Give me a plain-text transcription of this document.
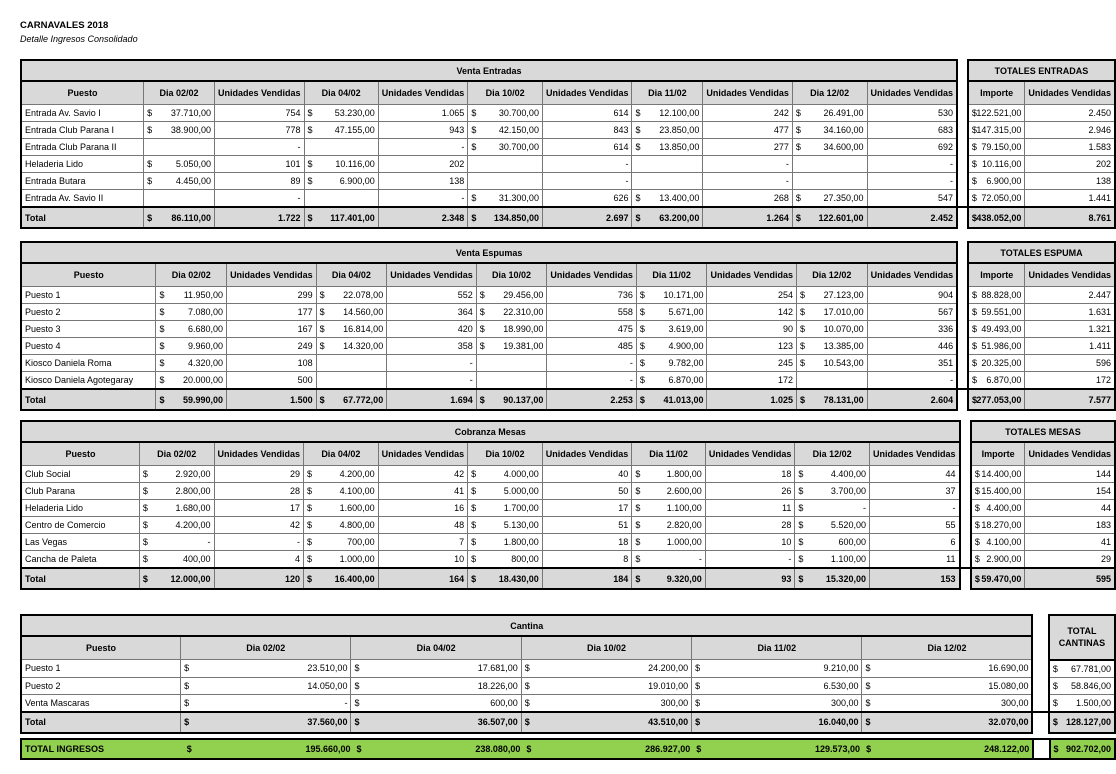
CARNAVALES 2018
Detalle Ingresos Consolidado
Venta Entradas												TOTALES ENTRADAS	
Puesto	Dia 02/02	Unidades Vendidas	Dia 04/02	Unidades Vendidas	Dia 10/02	Unidades Vendidas	Dia 11/02	Unidades Vendidas	Dia 12/02	Unidades Vendidas		Importe	Unidades Vendidas
Entrada Av. Savio I	$ 37.710,00	754	$ 53.230,00	1.065	$ 30.700,00	614	$ 12.100,00	242	$ 26.491,00	530		$ 122.521,00	2.450
Entrada Club Parana I	$ 38.900,00	778	$ 47.155,00	943	$ 42.150,00	843	$ 23.850,00	477	$ 34.160,00	683		$ 147.315,00	2.946
Entrada Club Parana II		-		-	$ 30.700,00	614	$ 13.850,00	277	$ 34.600,00	692		$ 79.150,00	1.583
Heladeria Lido	$ 5.050,00	101	$ 10.116,00	202		-		-		-		$ 10.116,00	202
Entrada Butara	$ 4.450,00	89	$ 6.900,00	138		-		-		-		$ 6.900,00	138
Entrada Av. Savio II		-		-	$ 31.300,00	626	$ 13.400,00	268	$ 27.350,00	547		$ 72.050,00	1.441
Total	$ 86.110,00	1.722	$ 117.401,00	2.348	$ 134.850,00	2.697	$ 63.200,00	1.264	$ 122.601,00	2.452		$ 438.052,00	8.761
Venta Espumas												TOTALES ESPUMA	
Puesto	Dia 02/02	Unidades Vendidas	Dia 04/02	Unidades Vendidas	Dia 10/02	Unidades Vendidas	Dia 11/02	Unidades Vendidas	Dia 12/02	Unidades Vendidas		Importe	Unidades Vendidas
Puesto 1	$ 11.950,00	299	$ 22.078,00	552	$ 29.456,00	736	$ 10.171,00	254	$ 27.123,00	904		$ 88.828,00	2.447
Puesto 2	$ 7.080,00	177	$ 14.560,00	364	$ 22.310,00	558	$ 5.671,00	142	$ 17.010,00	567		$ 59.551,00	1.631
Puesto 3	$ 6.680,00	167	$ 16.814,00	420	$ 18.990,00	475	$ 3.619,00	90	$ 10.070,00	336		$ 49.493,00	1.321
Puesto 4	$ 9.960,00	249	$ 14.320,00	358	$ 19.381,00	485	$ 4.900,00	123	$ 13.385,00	446		$ 51.986,00	1.411
Kiosco Daniela Roma	$ 4.320,00	108		-		-	$ 9.782,00	245	$ 10.543,00	351		$ 20.325,00	596
Kiosco Daniela Agotegaray	$ 20.000,00	500		-		-	$ 6.870,00	172		-		$ 6.870,00	172
Total	$ 59.990,00	1.500	$ 67.772,00	1.694	$ 90.137,00	2.253	$ 41.013,00	1.025	$ 78.131,00	2.604		$ 277.053,00	7.577
Cobranza Mesas												TOTALES MESAS	
Puesto	Dia 02/02	Unidades Vendidas	Dia 04/02	Unidades Vendidas	Dia 10/02	Unidades Vendidas	Dia 11/02	Unidades Vendidas	Dia 12/02	Unidades Vendidas		Importe	Unidades Vendidas
Club Social	$ 2.920,00	29	$ 4.200,00	42	$ 4.000,00	40	$ 1.800,00	18	$ 4.400,00	44		$ 14.400,00	144
Club Parana	$ 2.800,00	28	$ 4.100,00	41	$ 5.000,00	50	$ 2.600,00	26	$ 3.700,00	37		$ 15.400,00	154
Heladeria Lido	$ 1.680,00	17	$ 1.600,00	16	$ 1.700,00	17	$ 1.100,00	11	$ -	-		$ 4.400,00	44
Centro de Comercio	$ 4.200,00	42	$ 4.800,00	48	$ 5.130,00	51	$ 2.820,00	28	$ 5.520,00	55		$ 18.270,00	183
Las Vegas	$ -	-	$ 700,00	7	$ 1.800,00	18	$ 1.000,00	10	$ 600,00	6		$ 4.100,00	41
Cancha de Paleta	$ 400,00	4	$ 1.000,00	10	$ 800,00	8	$ -	-	$ 1.100,00	11		$ 2.900,00	29
Total	$ 12.000,00	120	$ 16.400,00	164	$ 18.430,00	184	$ 9.320,00	93	$ 15.320,00	153		$ 59.470,00	595
Cantina							TOTAL CANTINAS
Puesto	Dia 02/02	Dia 04/02	Dia 10/02	Dia 11/02	Dia 12/02		
Puesto 1	$ 23.510,00	$ 17.681,00	$ 24.200,00	$ 9.210,00	$ 16.690,00		$ 67.781,00

Puesto 2	$ 14.050,00	$ 18.226,00	$ 19.010,00	$ 6.530,00	$ 15.080,00		$ 58.846,00

Venta Mascaras	$ -	$ 600,00	$ 300,00	$ 300,00	$ 300,00		$ 1.500,00

Total	$ 37.560,00	$ 36.507,00	$ 43.510,00	$ 16.040,00	$ 32.070,00		$ 128.127,00
TOTAL INGRESOS	$	195.660,00	$	238.080,00	$	286.927,00	$	129.573,00	$	248.122,00		$ 902.702,00
